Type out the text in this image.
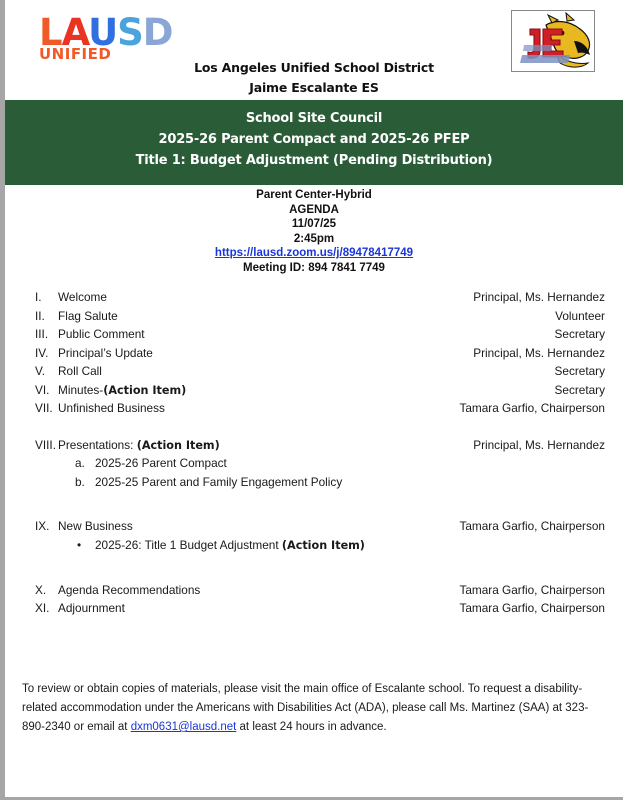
LAUSD
UNIFIED
Los Angeles Unified School District
Jaime Escalante ES
School Site Council
2025-26 Parent Compact and 2025-26 PFEP
Title 1: Budget Adjustment (Pending Distribution)
Parent Center-Hybrid
AGENDA
11/07/25
2:45pm
https://lausd.zoom.us/j/89478417749
Meeting ID: 894 7841 7749
I.	Welcome	Principal, Ms. Hernandez
II.	Flag Salute	Volunteer
III. Public Comment	Secretary
IV. Principal’s Update	Principal, Ms. Hernandez
V.	Roll Call	Secretary
VI. Minutes-(Action Item)	Secretary
VII. Unfinished Business	Tamara Garfio, Chairperson
VIII. Presentations: (Action Item)	Principal, Ms. Hernandez
a. 2025-26 Parent Compact
b. 2025-25 Parent and Family Engagement Policy
IX. New Business	Tamara Garfio, Chairperson
• 2025-26: Title 1 Budget Adjustment (Action Item)
X.	Agenda Recommendations	Tamara Garfio, Chairperson
XI. Adjournment	Tamara Garfio, Chairperson
To review or obtain copies of materials, please visit the main office of Escalante school. To request a disability-related accommodation under the Americans with Disabilities Act (ADA), please call Ms. Martinez (SAA) at 323-890-2340 or email at dxm0631@lausd.net at least 24 hours in advance.
